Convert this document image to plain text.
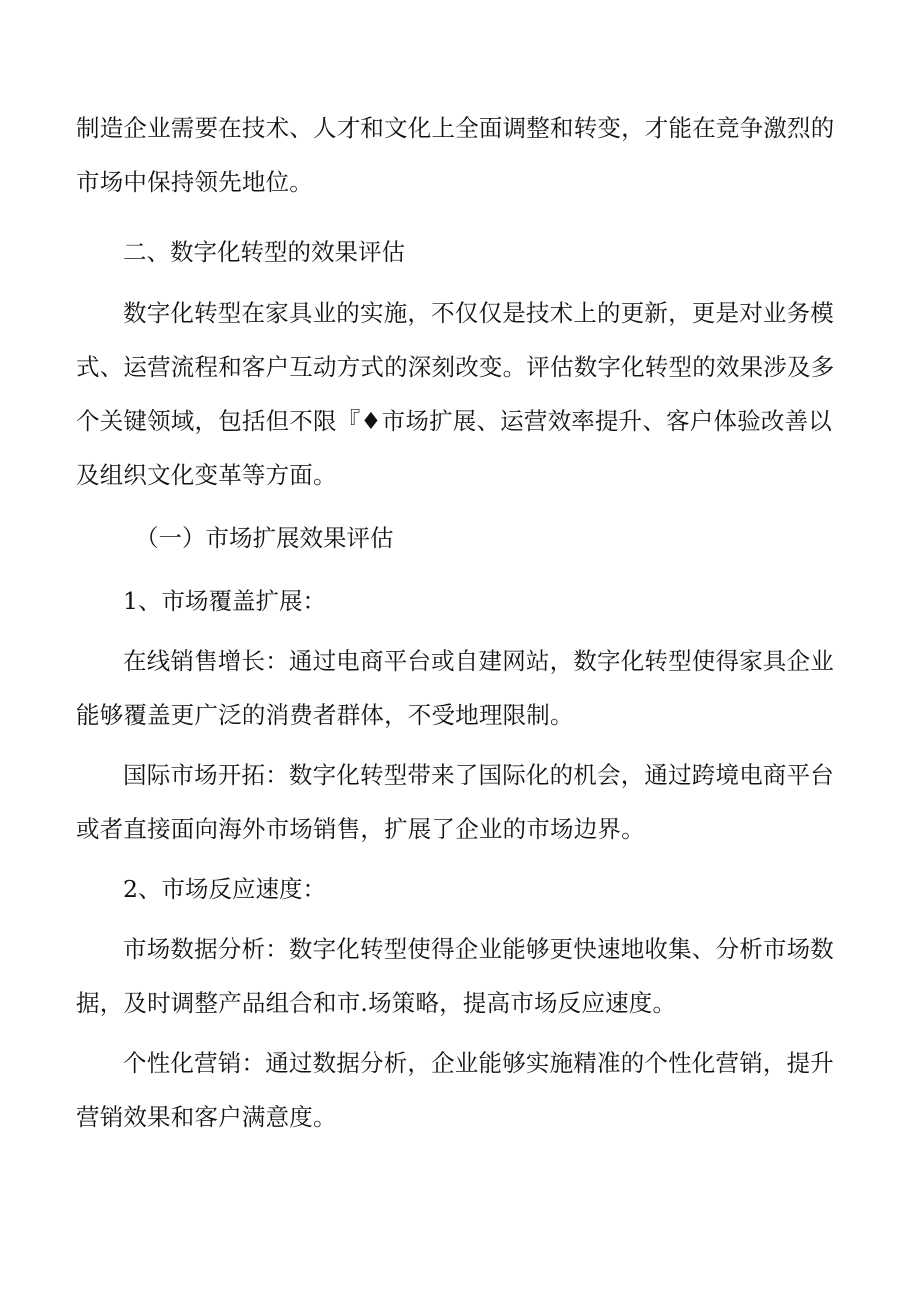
制造企业需要在技术、人才和文化上全面调整和转变，才能在竞争激烈的市场中保持领先地位。

二、数字化转型的效果评估

数字化转型在家具业的实施，不仅仅是技术上的更新，更是对业务模式、运营流程和客户互动方式的深刻改变。评估数字化转型的效果涉及多个关键领域，包括但不限『♦市场扩展、运营效率提升、客户体验改善以及组织文化变革等方面。

（一）市场扩展效果评估

1、市场覆盖扩展：

在线销售增长：通过电商平台或自建网站，数字化转型使得家具企业能够覆盖更广泛的消费者群体，不受地理限制。

国际市场开拓：数字化转型带来了国际化的机会，通过跨境电商平台或者直接面向海外市场销售，扩展了企业的市场边界。

2、市场反应速度：

市场数据分析：数字化转型使得企业能够更快速地收集、分析市场数据，及时调整产品组合和市.场策略，提高市场反应速度。

个性化营销：通过数据分析，企业能够实施精准的个性化营销，提升营销效果和客户满意度。
